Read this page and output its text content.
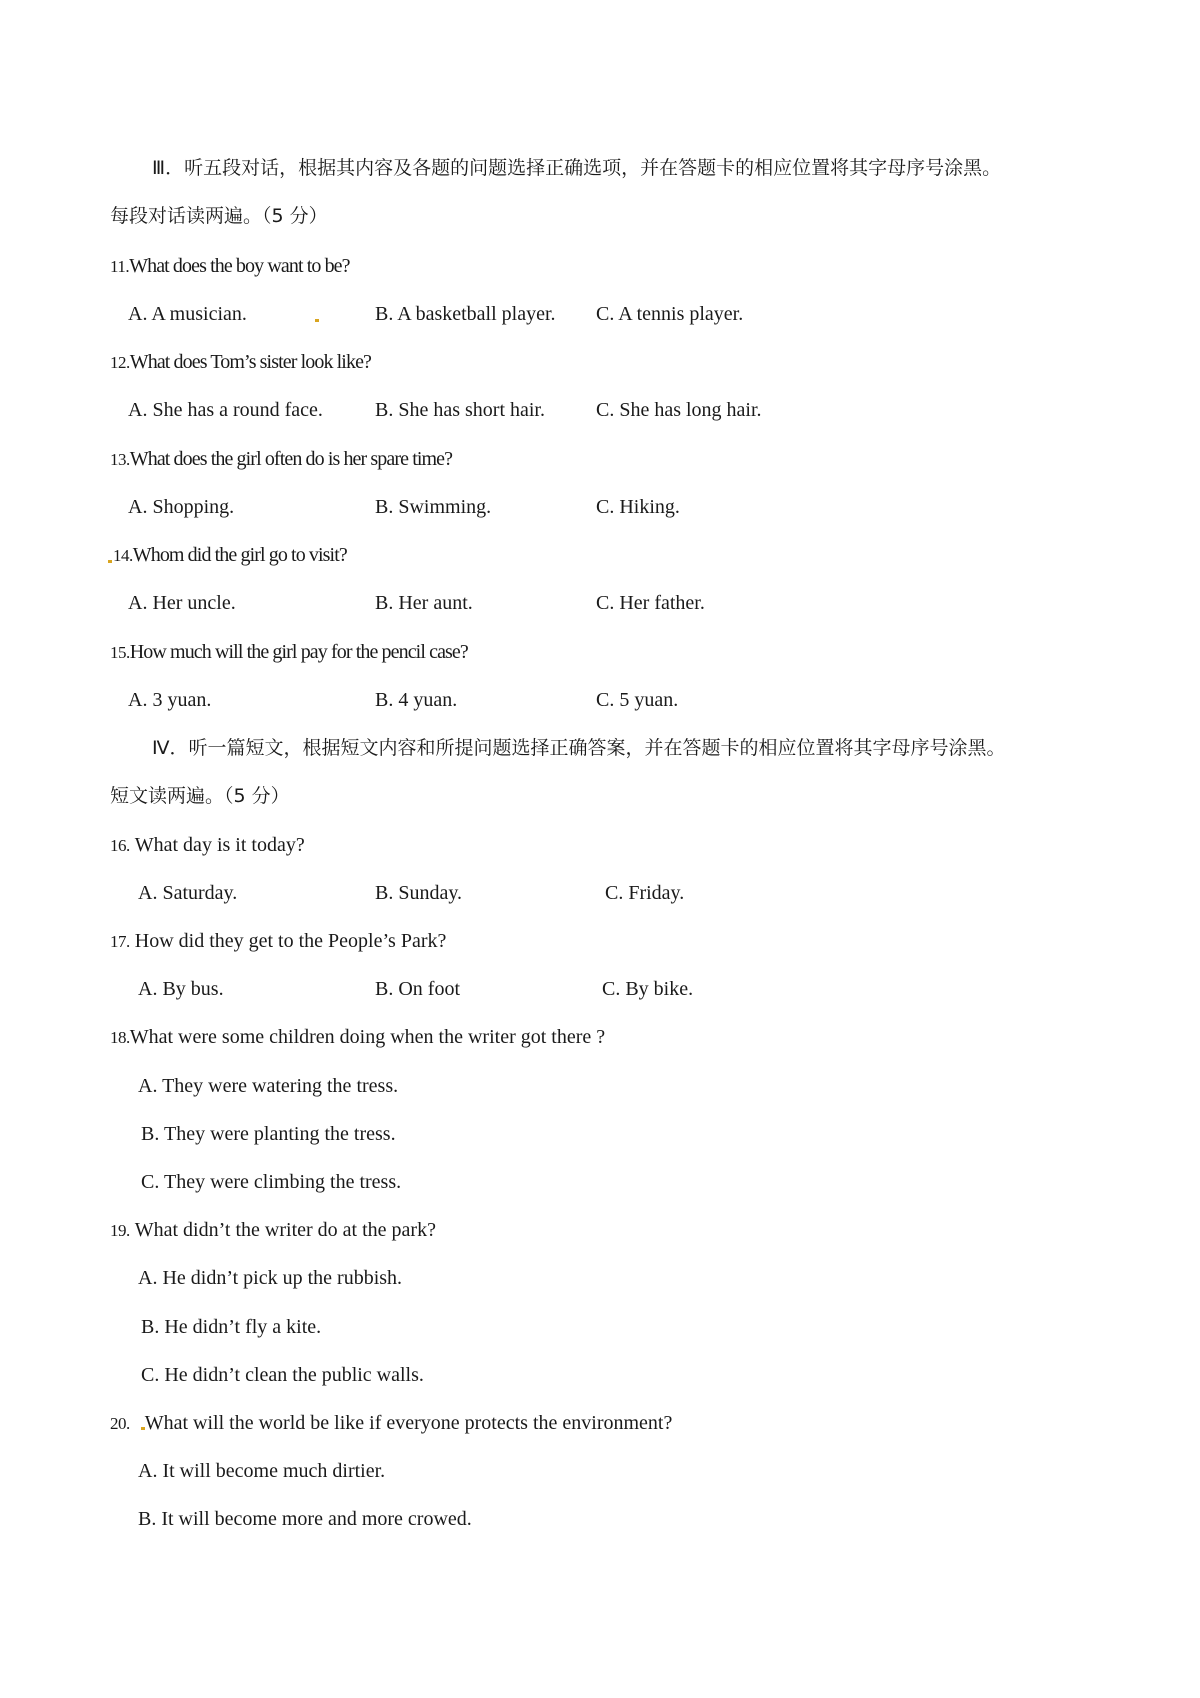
Ⅲ．听五段对话，根据其内容及各题的问题选择正确选项，并在答题卡的相应位置将其字母序号涂黑。
每段对话读两遍。（5 分）
11.What does the boy want to be?
A. A musician.	B. A basketball player. C. A tennis player.
12.What does Tom’s sister look like?
A. She has a round face.	B. She has short hair.	C. She has long hair.
13.What does the girl often do is her spare time?
A. Shopping.	B. Swimming.	C. Hiking.
14.Whom did the girl go to visit?
A. Her uncle.	B. Her aunt.	C. Her father.
15.How much will the girl pay for the pencil case?
A. 3 yuan.	B. 4 yuan.	C. 5 yuan.
Ⅳ．听一篇短文，根据短文内容和所提问题选择正确答案，并在答题卡的相应位置将其字母序号涂黑。
短文读两遍。（5 分）
16. What day is it today?
A. Saturday.	B. Sunday.	C. Friday.
17. How did they get to the People’s Park?
A. By bus.	B. On foot	C. By bike.
18.What were some children doing when the writer got there ?
A. They were watering the tress.
B. They were planting the tress.
C. They were climbing the tress.
19. What didn’t the writer do at the park?
A. He didn’t pick up the rubbish.
B. He didn’t fly a kite.
C. He didn’t clean the public walls.
20. What will the world be like if everyone protects the environment?
A. It will become much dirtier.
B. It will become more and more crowed.
